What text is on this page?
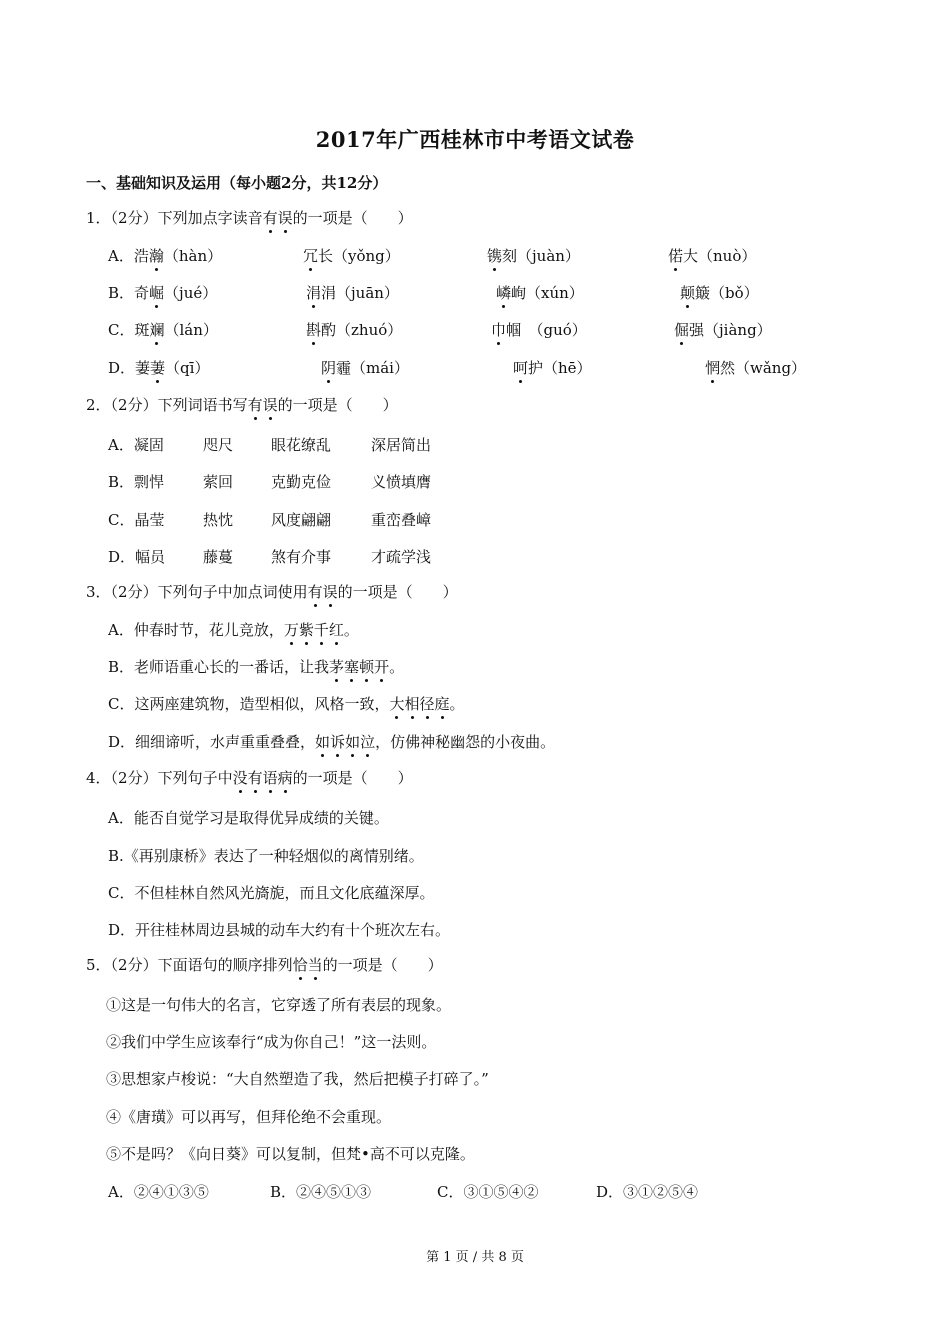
2017年广西桂林市中考语文试卷
一、基础知识及运用（每小题2分，共12分）
1．（2分）下列加点字读音有误的一项是（　　）
A．浩瀚（hàn）	冗长（yǒng）	镌刻（juàn）	偌大（nuò）
B．奇崛（jué）	涓涓（juān）	嶙峋（xún）	颠簸（bǒ）
C．斑斓（lán）	斟酌（zhuó）	巾帼　（guó）	倔强（jiàng）
D．萋萋（qī）	阴霾（mái）	呵护（hē）	惘然（wǎng）
2．（2分）下列词语书写有误的一项是（　　）
A．凝固	咫尺	眼花缭乱	深居简出
B．剽悍	萦回	克勤克俭	义愤填膺
C．晶莹	热忱	风度翩翩	重峦叠嶂
D．幅员	藤蔓	煞有介事	才疏学浅
3．（2分）下列句子中加点词使用有误的一项是（　　）
A．仲春时节，花儿竞放，万紫千红。
B．老师语重心长的一番话，让我茅塞顿开。
C．这两座建筑物，造型相似，风格一致，大相径庭。
D．细细谛听，水声重重叠叠，如诉如泣，仿佛神秘幽怨的小夜曲。
4．（2分）下列句子中没有语病的一项是（　　）
A．能否自觉学习是取得优异成绩的关键。
B.《再别康桥》表达了一种轻烟似的离情别绪。
C．不但桂林自然风光旖旎，而且文化底蕴深厚。
D．开往桂林周边县城的动车大约有十个班次左右。
5．（2分）下面语句的顺序排列恰当的一项是（　　）
①这是一句伟大的名言，它穿透了所有表层的现象。
②我们中学生应该奉行“成为你自己！”这一法则。
③思想家卢梭说：“大自然塑造了我，然后把模子打碎了。”
④《唐璜》可以再写，但拜伦绝不会重现。
⑤不是吗？《向日葵》可以复制，但梵•高不可以克隆。
A．②④①③⑤	B．②④⑤①③	C．③①⑤④②	D．③①②⑤④
第 1 页 / 共 8 页
